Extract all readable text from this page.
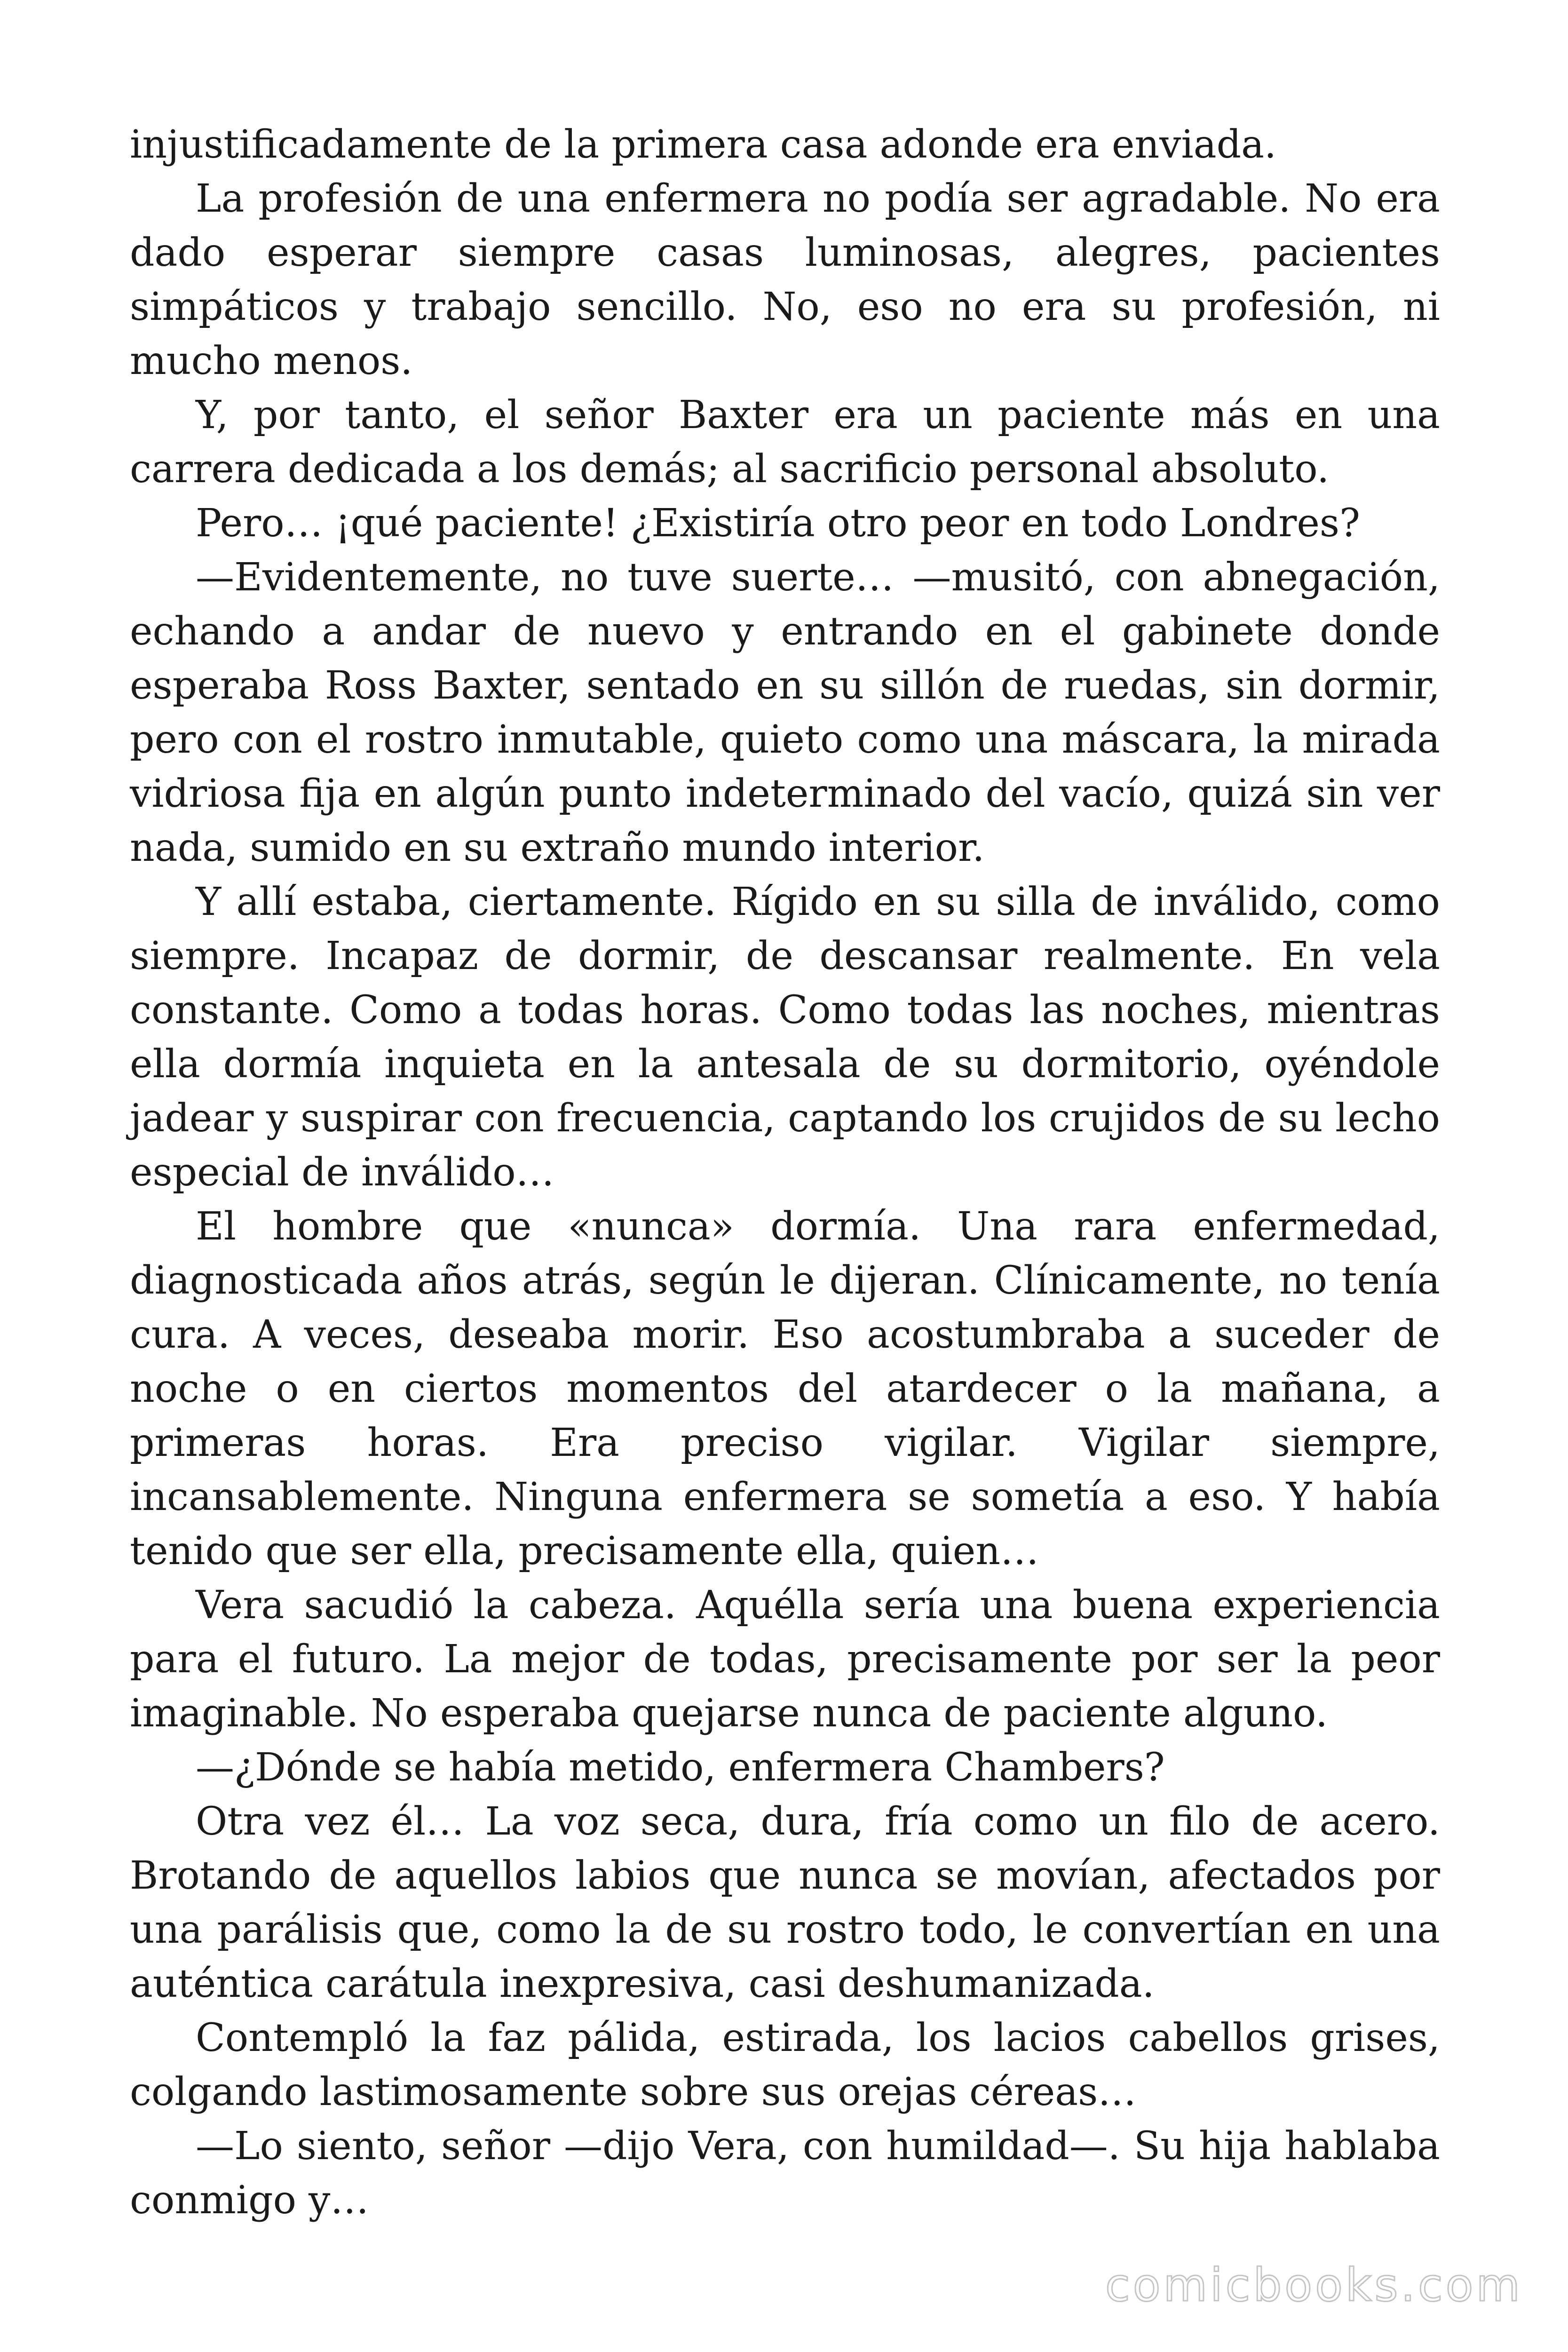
injustificadamente de la primera casa adonde era enviada.

La profesión de una enfermera no podía ser agradable. No era dado esperar siempre casas luminosas, alegres, pacientes simpáticos y trabajo sencillo. No, eso no era su profesión, ni mucho menos.

Y, por tanto, el señor Baxter era un paciente más en una carrera dedicada a los demás; al sacrificio personal absoluto.

Pero… ¡qué paciente! ¿Existiría otro peor en todo Londres?

—Evidentemente, no tuve suerte… —musitó, con abnegación, echando a andar de nuevo y entrando en el gabinete donde esperaba Ross Baxter, sentado en su sillón de ruedas, sin dormir, pero con el rostro inmutable, quieto como una máscara, la mirada vidriosa fija en algún punto indeterminado del vacío, quizá sin ver nada, sumido en su extraño mundo interior.

Y allí estaba, ciertamente. Rígido en su silla de inválido, como siempre. Incapaz de dormir, de descansar realmente. En vela constante. Como a todas horas. Como todas las noches, mientras ella dormía inquieta en la antesala de su dormitorio, oyéndole jadear y suspirar con frecuencia, captando los crujidos de su lecho especial de inválido…

El hombre que «nunca» dormía. Una rara enfermedad, diagnosticada años atrás, según le dijeran. Clínicamente, no tenía cura. A veces, deseaba morir. Eso acostumbraba a suceder de noche o en ciertos momentos del atardecer o la mañana, a primeras horas. Era preciso vigilar. Vigilar siempre, incansablemente. Ninguna enfermera se sometía a eso. Y había tenido que ser ella, precisamente ella, quien…

Vera sacudió la cabeza. Aquélla sería una buena experiencia para el futuro. La mejor de todas, precisamente por ser la peor imaginable. No esperaba quejarse nunca de paciente alguno.

—¿Dónde se había metido, enfermera Chambers?

Otra vez él… La voz seca, dura, fría como un filo de acero. Brotando de aquellos labios que nunca se movían, afectados por una parálisis que, como la de su rostro todo, le convertían en una auténtica carátula inexpresiva, casi deshumanizada.

Contempló la faz pálida, estirada, los lacios cabellos grises, colgando lastimosamente sobre sus orejas céreas…

—Lo siento, señor —dijo Vera, con humildad—. Su hija hablaba conmigo y…

comicbooks.com
